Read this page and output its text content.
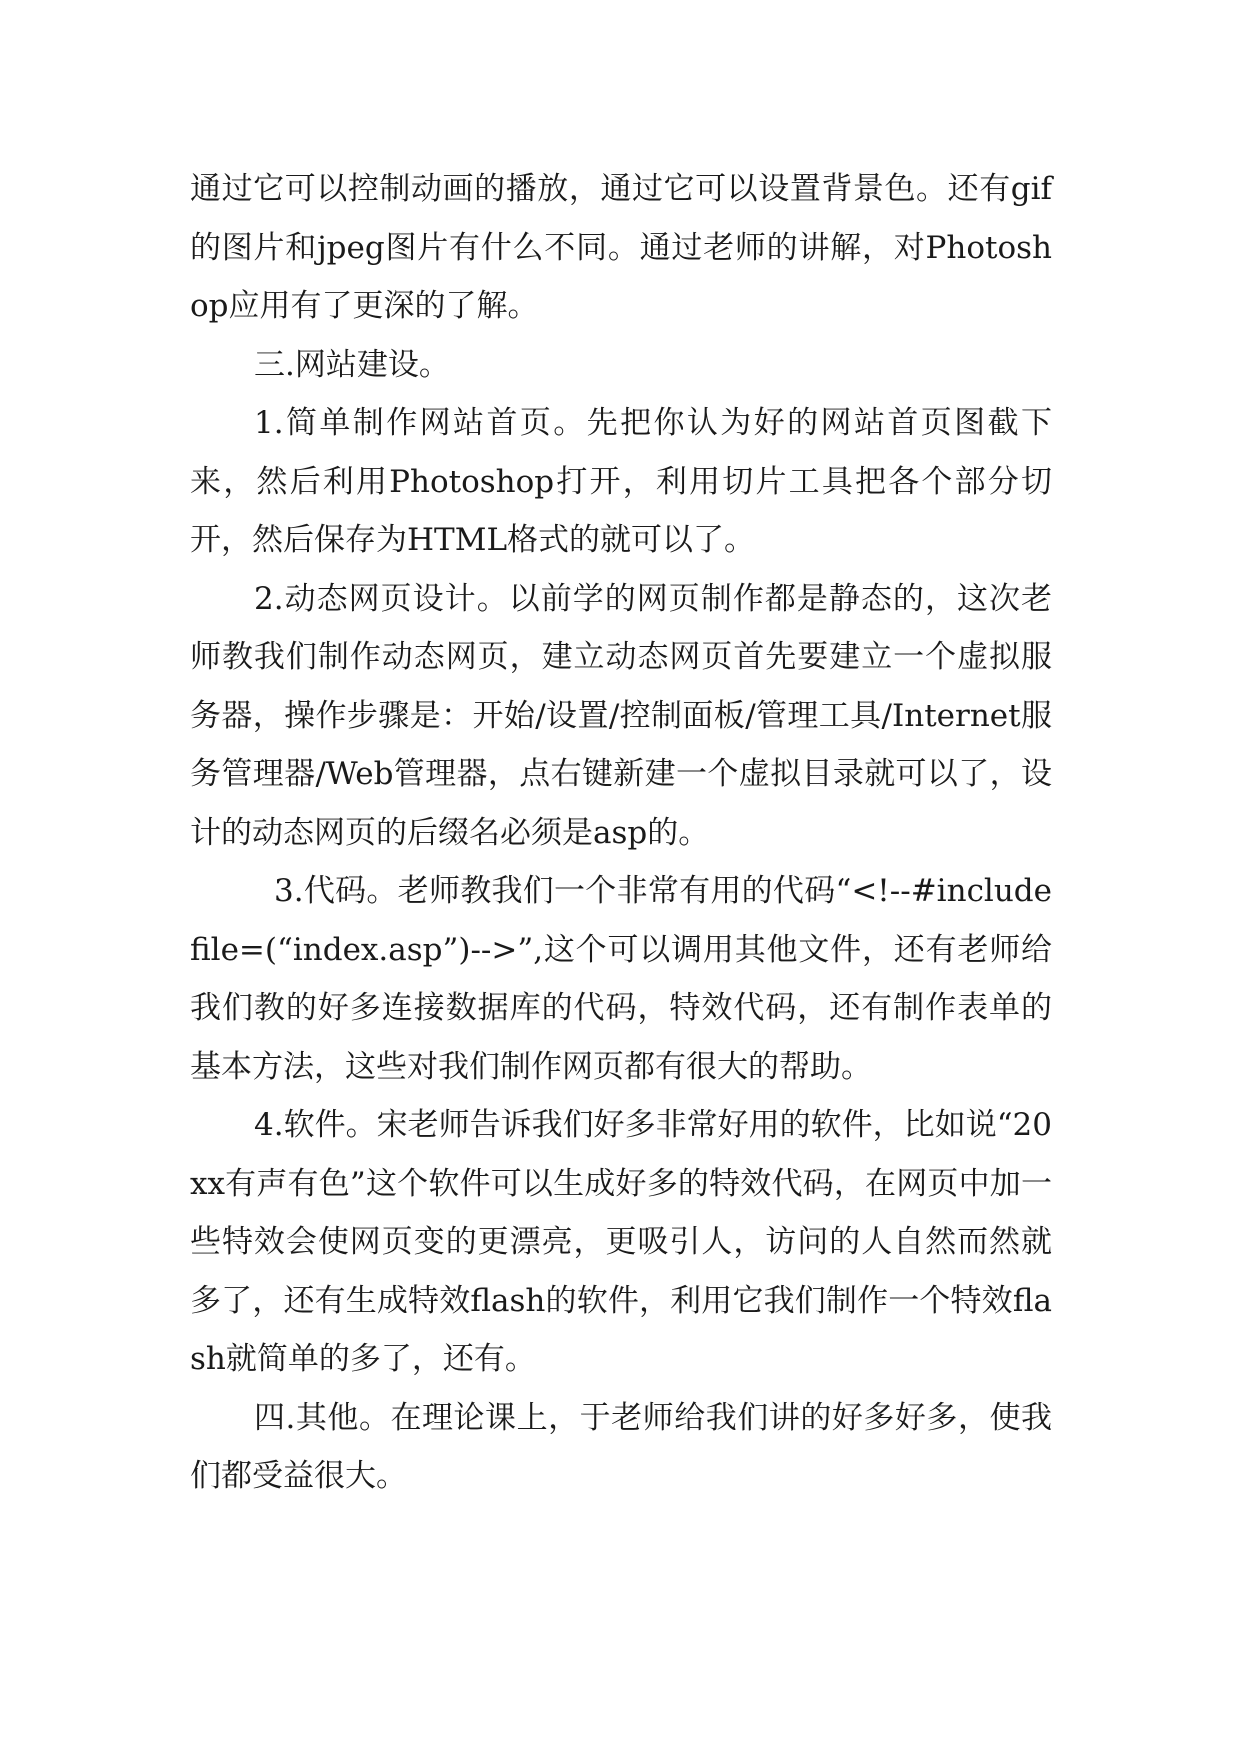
通过它可以控制动画的播放，通过它可以设置背景色。还有gif的图片和jpeg图片有什么不同。通过老师的讲解，对Photoshop应用有了更深的了解。

三.网站建设。

1.简单制作网站首页。先把你认为好的网站首页图截下来，然后利用Photoshop打开，利用切片工具把各个部分切开，然后保存为HTML格式的就可以了。

2.动态网页设计。以前学的网页制作都是静态的，这次老师教我们制作动态网页，建立动态网页首先要建立一个虚拟服务器，操作步骤是：开始/设置/控制面板/管理工具/Internet服务管理器/Web管理器，点右键新建一个虚拟目录就可以了，设计的动态网页的后缀名必须是asp的。

3.代码。老师教我们一个非常有用的代码“<!--#include file=(“index.asp”)-->”,这个可以调用其他文件，还有老师给我们教的好多连接数据库的代码，特效代码，还有制作表单的基本方法，这些对我们制作网页都有很大的帮助。

4.软件。宋老师告诉我们好多非常好用的软件，比如说“20xx有声有色”这个软件可以生成好多的特效代码，在网页中加一些特效会使网页变的更漂亮，更吸引人，访问的人自然而然就多了，还有生成特效flash的软件，利用它我们制作一个特效flash就简单的多了，还有。

四.其他。在理论课上，于老师给我们讲的好多好多，使我们都受益很大。
